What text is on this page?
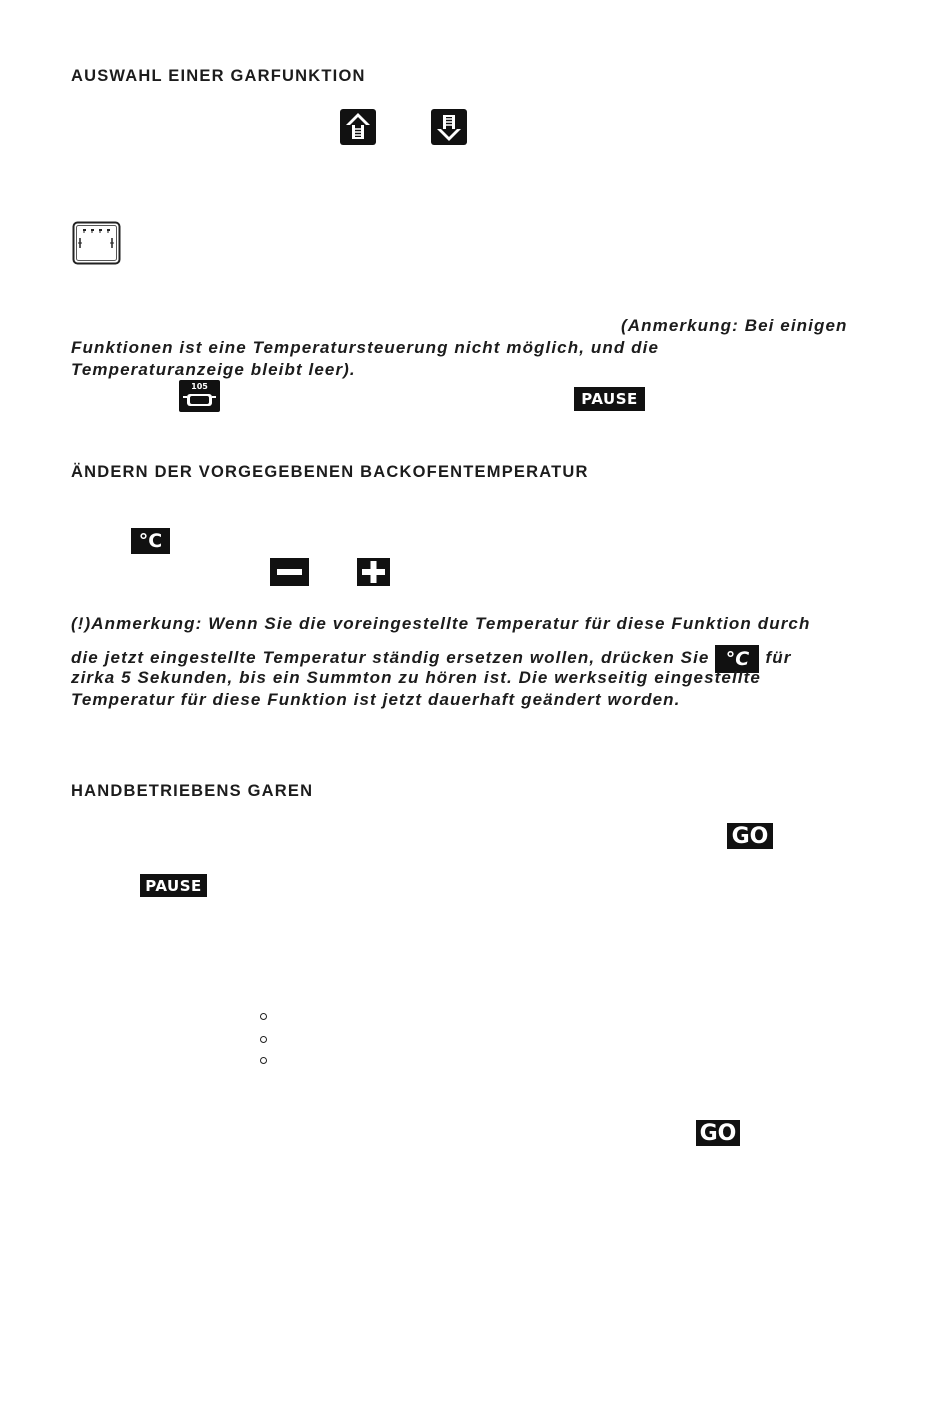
AUSWAHL EINER GARFUNKTION
(Anmerkung: Bei einigen
Funktionen ist eine Temperatursteuerung nicht möglich, und die
Temperaturanzeige bleibt leer).
105
PAUSE
ÄNDERN DER VORGEGEBENEN BACKOFENTEMPERATUR
°C
(!)Anmerkung: Wenn Sie die voreingestellte Temperatur für diese Funktion durch
die jetzt eingestellte Temperatur ständig ersetzen wollen, drücken Sie °C für
zirka 5 Sekunden, bis ein Summton zu hören ist. Die werkseitig eingestellte
Temperatur für diese Funktion ist jetzt dauerhaft geändert worden.
HANDBETRIEBENS GAREN
GO
PAUSE
GO
